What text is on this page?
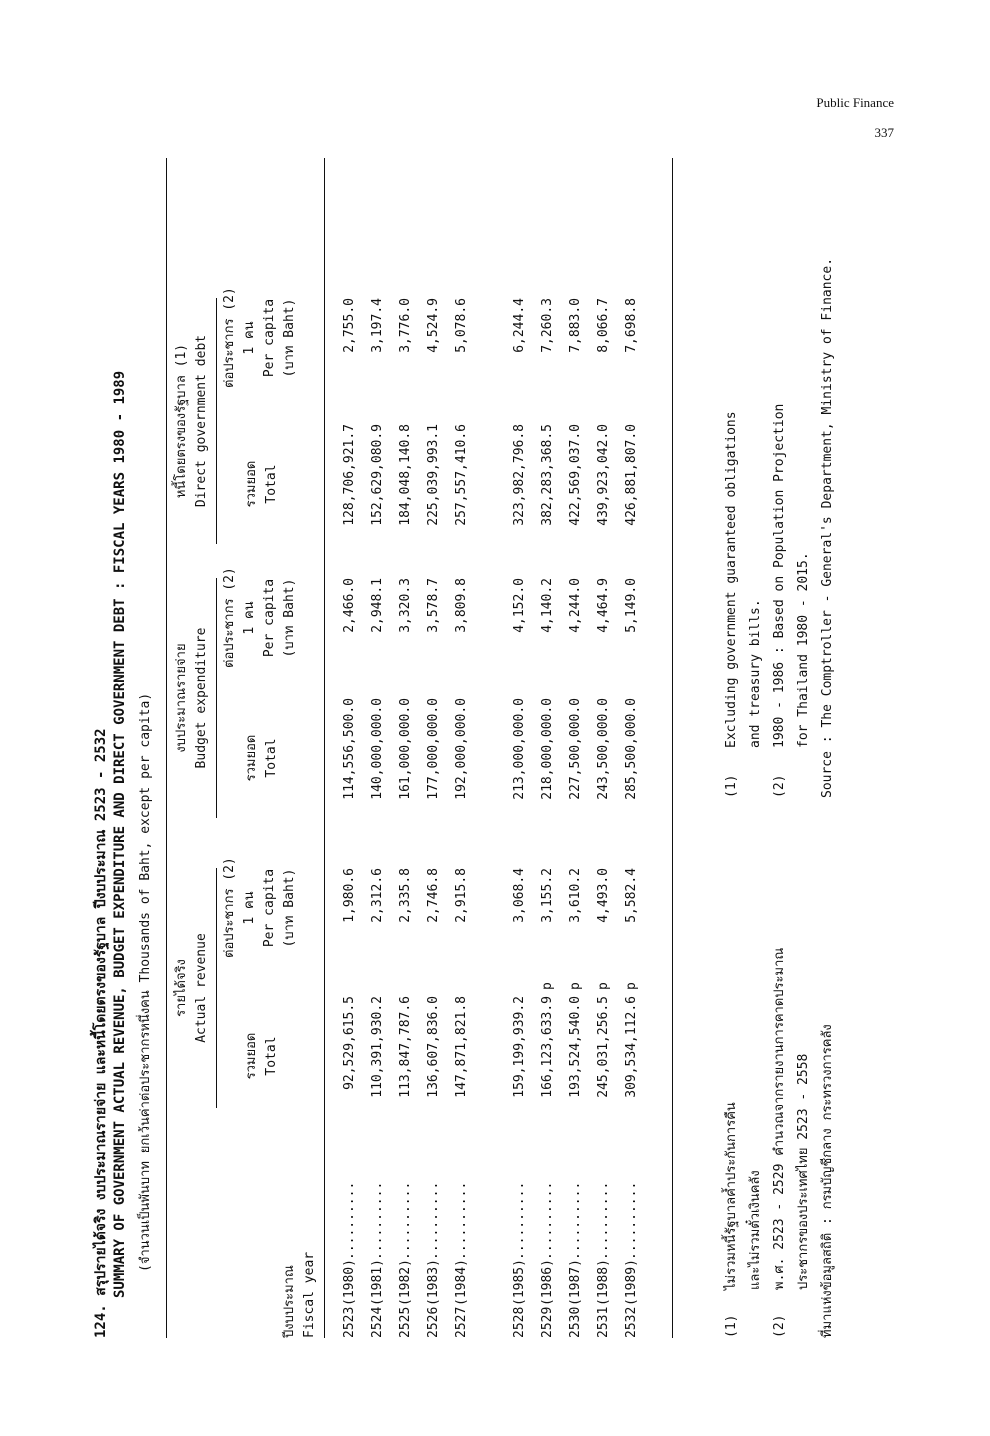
Public Finance
337
124. สรุปรายได้จริง งบประมาณรายจ่าย และหนี้โดยตรงของรัฐบาล ปีงบประมาณ 2523 - 2532 SUMMARY OF GOVERNMENT ACTUAL REVENUE, BUDGET EXPENDITURE AND DIRECT GOVERNMENT DEBT : FISCAL YEARS 1980 - 1989 (จำนวนเป็นพันบาท ยกเว้นค่าต่อประชากรหนึ่งคน Thousands of Baht, except per capita) รายได้จริง Actual revenue
งบประมาณรายจ่าย Budget expenditure
หนี้โดยตรงของรัฐบาล (1) Direct government debt
รวมยอด Total
ต่อประชากร (2) 1 คน Per capita (บาท Baht)
รวมยอด Total
ต่อประชากร (2) 1 คน Per capita (บาท Baht)
รวมยอด Total
ต่อประชากร (2) 1 คน Per capita (บาท Baht)
ปีงบประมาณ Fiscal year 2523
(1980)
..........
92,529,615.5
1,980.6
114,556,500.0
2,466.0
128,706,921.7
2,755.0
2524
(1981)
..........
110,391,930.2
2,312.6
140,000,000.0
2,948.1
152,629,080.9
3,197.4
2525
(1982)
..........
113,847,787.6
2,335.8
161,000,000.0
3,320.3
184,048,140.8
3,776.0
2526
(1983)
..........
136,607,836.0
2,746.8
177,000,000.0
3,578.7
225,039,993.1
4,524.9
2527
(1984)
..........
147,871,821.8
2,915.8
192,000,000.0
3,809.8
257,557,410.6
5,078.6
2528
(1985)
..........
159,199,939.2
3,068.4
213,000,000.0
4,152.0
323,982,796.8
6,244.4
2529
(1986)
..........
166,123,633.9
p
3,155.2
218,000,000.0
4,140.2
382,283,368.5
7,260.3
2530
(1987)
..........
193,524,540.0
p
3,610.2
227,500,000.0
4,244.0
422,569,037.0
7,883.0
2531
(1988)
..........
245,031,256.5
p
4,493.0
243,500,000.0
4,464.9
439,923,042.0
8,066.7
2532
(1989)
..........
309,534,112.6
p
5,582.4
285,500,000.0
5,149.0
426,881,807.0
7,698.8
(1)
ไม่รวมหนี้รัฐบาลค้ำประกันการคืน และไม่รวมตั๋วเงินคลัง
(2)
พ.ศ. 2523 - 2529 คำนวณจากรายงานการคาดประมาณ ประชากรของประเทศไทย 2523 - 2558 ที่มาแห่งข้อมูลสถิติ : กรมบัญชีกลาง กระทรวงการคลัง
(1)
Excluding government guaranteed obligations and treasury bills.
(2)
1980 - 1986 : Based on Population Projection for Thailand 1980 - 2015. Source : The Comptroller - General's Department, Ministry of Finance.
